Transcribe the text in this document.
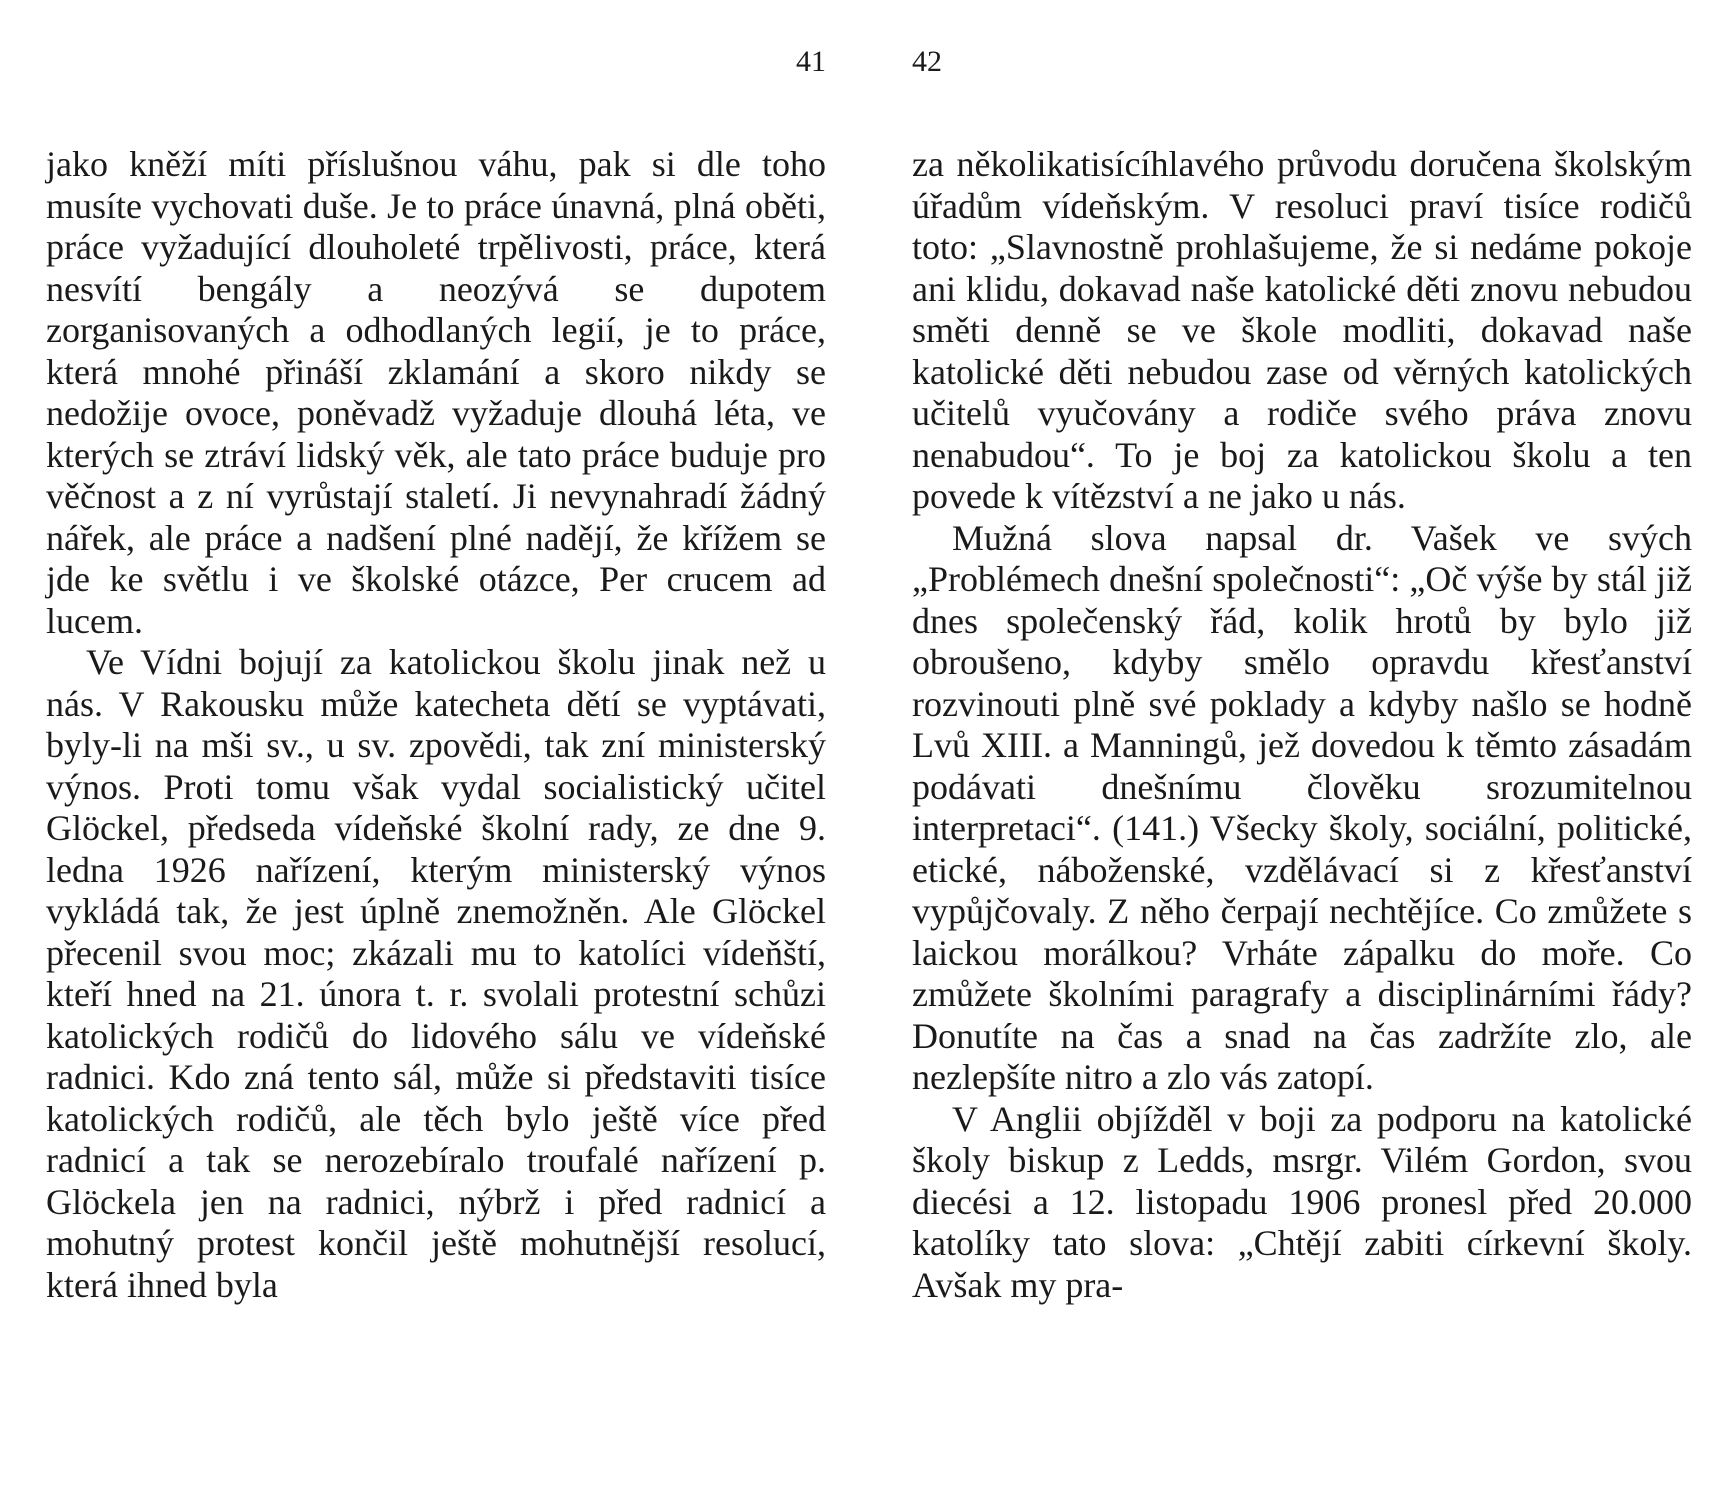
41

jako kněží míti příslušnou váhu, pak si dle toho musíte vychovati duše. Je to práce únavná, plná oběti, práce vyžadující dlouholeté trpělivosti, práce, která nesvítí bengály a neozývá se dupotem zorganisovaných a odhodlaných legií, je to práce, která mnohé přináší zklamání a skoro nikdy se nedožije ovoce, poněvadž vyžaduje dlouhá léta, ve kterých se ztráví lidský věk, ale tato práce buduje pro věčnost a z ní vyrůstají staletí. Ji nevynahradí žádný nářek, ale práce a nadšení plné nadějí, že křížem se jde ke světlu i ve školské otázce, Per crucem ad lucem.

Ve Vídni bojují za katolickou školu jinak než u nás. V Rakousku může katecheta dětí se vyptávati, byly-li na mši sv., u sv. zpovědi, tak zní ministerský výnos. Proti tomu však vydal socialistický učitel Glöckel, předseda vídeňské školní rady, ze dne 9. ledna 1926 nařízení, kterým ministerský výnos vykládá tak, že jest úplně znemožněn. Ale Glöckel přecenil svou moc; zkázali mu to katolíci vídeňští, kteří hned na 21. února t. r. svolali protestní schůzi katolických rodičů do lidového sálu ve vídeňské radnici. Kdo zná tento sál, může si představiti tisíce katolických rodičů, ale těch bylo ještě více před radnicí a tak se nerozebíralo troufalé nařízení p. Glöckela jen na radnici, nýbrž i před radnicí a mohutný protest končil ještě mohutnější resolucí, která ihned byla

42

za několikatisícíhlavého průvodu doručena školským úřadům vídeňským. V resoluci praví tisíce rodičů toto: „Slavnostně prohlašujeme, že si nedáme pokoje ani klidu, dokavad naše katolické děti znovu nebudou směti denně se ve škole modliti, dokavad naše katolické děti nebudou zase od věrných katolických učitelů vyučovány a rodiče svého práva znovu nenabudou“. To je boj za katolickou školu a ten povede k vítězství a ne jako u nás.

Mužná slova napsal dr. Vašek ve svých „Problémech dnešní společnosti“: „Oč výše by stál již dnes společenský řád, kolik hrotů by bylo již obroušeno, kdyby smělo opravdu křesťanství rozvinouti plně své poklady a kdyby našlo se hodně Lvů XIII. a Manningů, jež dovedou k těmto zásadám podávati dnešnímu člověku srozumitelnou interpretaci“. (141.) Všecky školy, sociální, politické, etické, náboženské, vzdělávací si z křesťanství vypůjčovaly. Z něho čerpají nechtějíce. Co zmůžete s laickou morálkou? Vrháte zápalku do moře. Co zmůžete školními paragrafy a disciplinárními řády? Donutíte na čas a snad na čas zadržíte zlo, ale nezlepšíte nitro a zlo vás zatopí.

V Anglii objížděl v boji za podporu na katolické školy biskup z Ledds, msrgr. Vilém Gordon, svou diecési a 12. listopadu 1906 pronesl před 20.000 katolíky tato slova: „Chtějí zabiti církevní školy. Avšak my pra-
